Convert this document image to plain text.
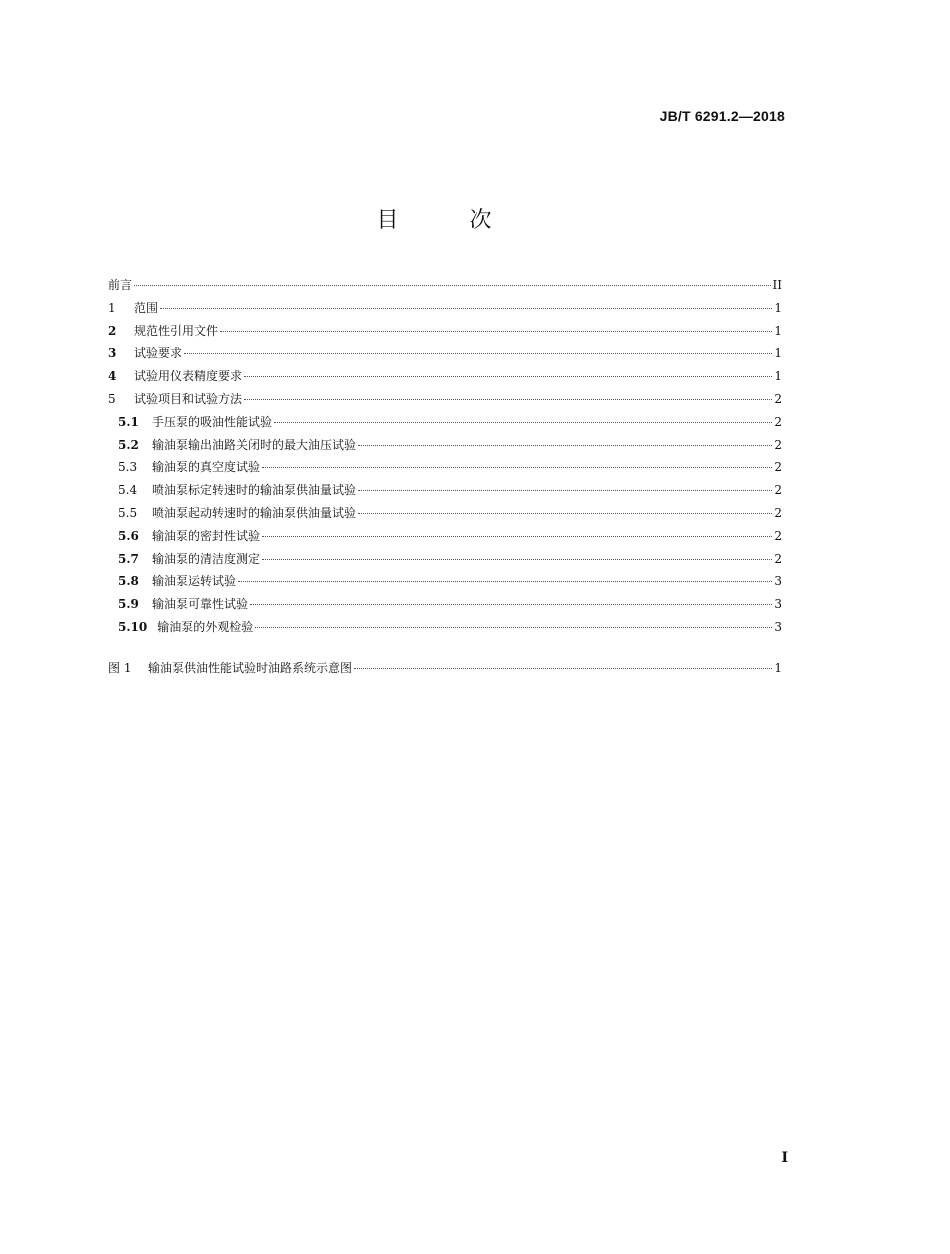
JB/T 6291.2—2018
目 次
前言	II
1	范围	1
2	规范性引用文件	1
3	试验要求	1
4	试验用仪表精度要求	1
5	试验项目和试验方法	2
5.1 手压泵的吸油性能试验	2
5.2 输油泵输出油路关闭时的最大油压试验	2
5.3	输油泵的真空度试验	2
5.4	喷油泵标定转速时的输油泵供油量试验	2
5.5	喷油泵起动转速时的输油泵供油量试验	2
5.6 输油泵的密封性试验	2
5.7 输油泵的清洁度测定	2
5.8 输油泵运转试验	3
5.9 输油泵可靠性试验	3
5.10 输油泵的外观检验	3
图 1 输油泵供油性能试验时油路系统示意图	1
I
